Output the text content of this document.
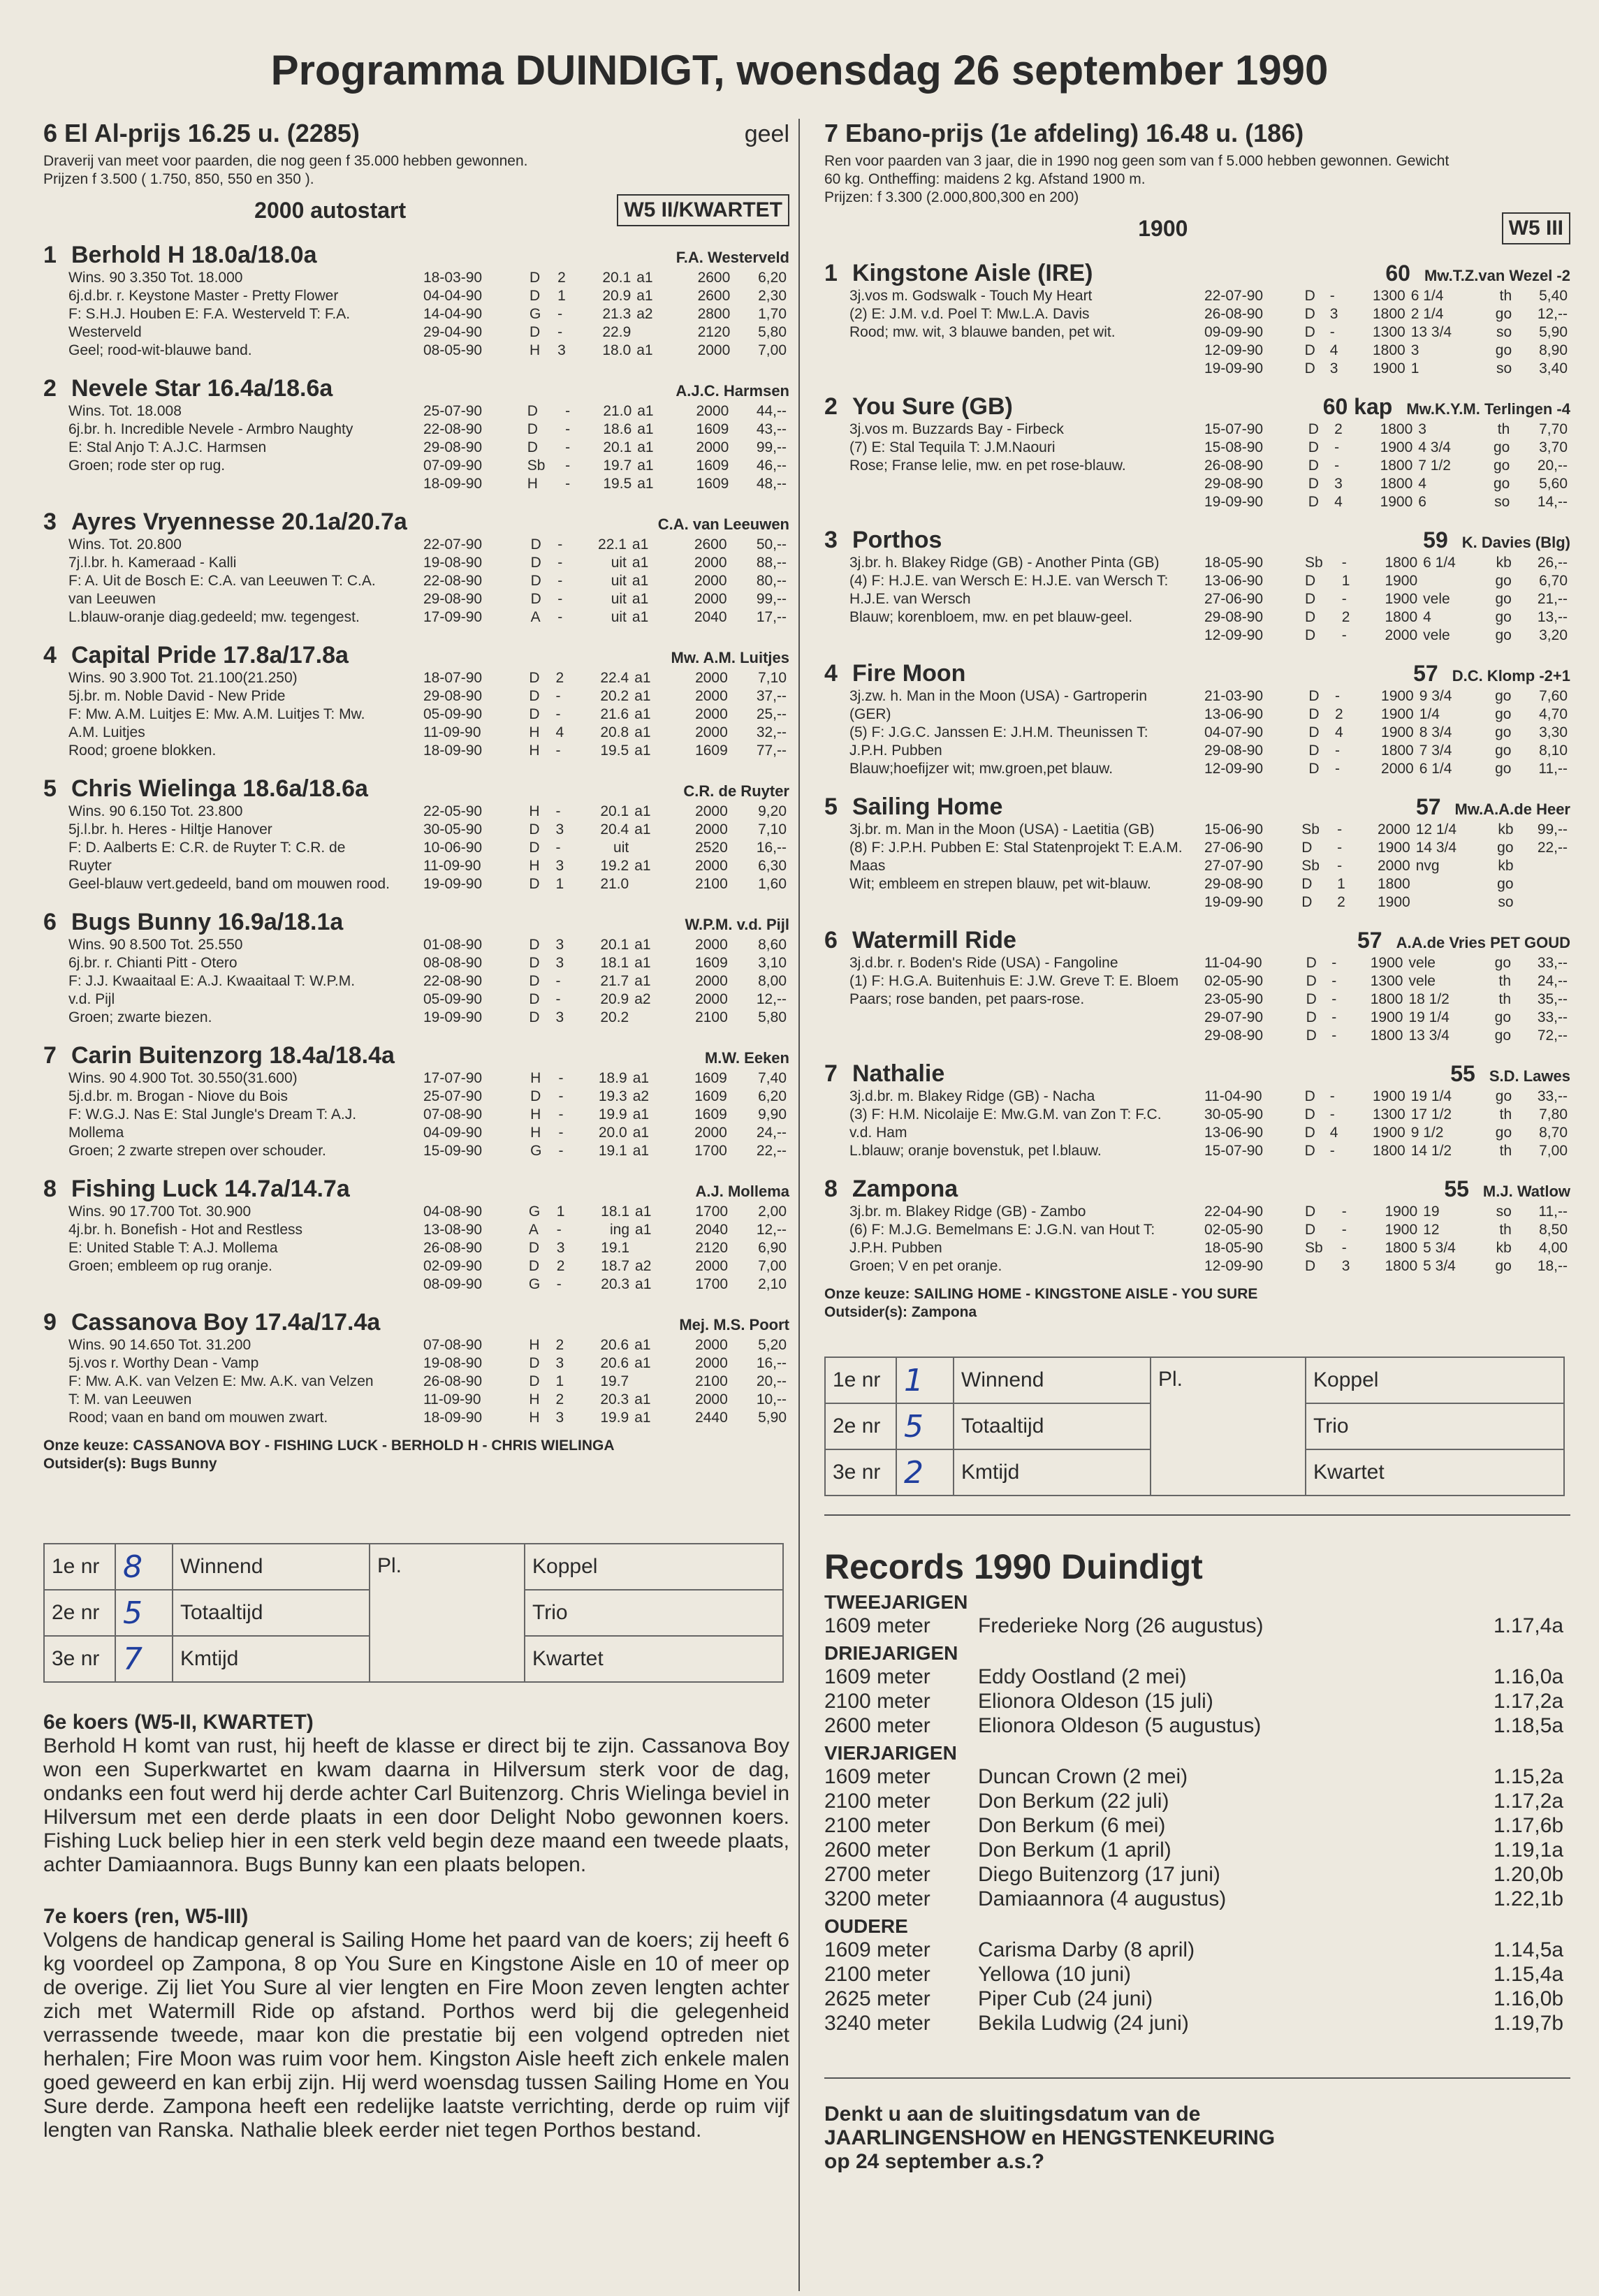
Programma DUINDIGT, woensdag 26 september 1990
6 El Al-prijs 16.25 u. (2285)	geel
Draverij van meet voor paarden, die nog geen f 35.000 hebben gewonnen.
Prijzen f 3.500 ( 1.750, 850, 550 en 350 ).
2000 autostart	W5 II/KWARTET
1 Berhold H 18.0a/18.0a	F.A. Westerveld
Wins. 90 3.350 Tot. 18.000
6j.d.br. r. Keystone Master - Pretty Flower
F: S.H.J. Houben E: F.A. Westerveld T: F.A.
Westerveld
Geel; rood-wit-blauwe band.
18-03-90	D	2	20.1	a1	2600	6,20
04-04-90	D	1	20.9	a1	2600	2,30
14-04-90	G	-	21.3	a2	2800	1,70
29-04-90	D	-	22.9		2120	5,80
08-05-90	H	3	18.0	a1	2000	7,00
2 Nevele Star 16.4a/18.6a	A.J.C. Harmsen
Wins. Tot. 18.008
6j.br. h. Incredible Nevele - Armbro Naughty
E: Stal Anjo T: A.J.C. Harmsen
Groen; rode ster op rug.
25-07-90	D	-	21.0	a1	2000	44,--
22-08-90	D	-	18.6	a1	1609	43,--
29-08-90	D	-	20.1	a1	2000	99,--
07-09-90	Sb	-	19.7	a1	1609	46,--
18-09-90	H	-	19.5	a1	1609	48,--
3 Ayres Vryennesse 20.1a/20.7a	C.A. van Leeuwen
Wins. Tot. 20.800
7j.l.br. h. Kameraad - Kalli
F: A. Uit de Bosch E: C.A. van Leeuwen T: C.A.
van Leeuwen
L.blauw-oranje diag.gedeeld; mw. tegengest.
22-07-90	D	-	22.1	a1	2600	50,--
19-08-90	D	-	uit	a1	2000	88,--
22-08-90	D	-	uit	a1	2000	80,--
29-08-90	D	-	uit	a1	2000	99,--
17-09-90	A	-	uit	a1	2040	17,--
4 Capital Pride 17.8a/17.8a	Mw. A.M. Luitjes
Wins. 90 3.900 Tot. 21.100(21.250)
5j.br. m. Noble David - New Pride
F: Mw. A.M. Luitjes E: Mw. A.M. Luitjes T: Mw.
A.M. Luitjes
Rood; groene blokken.
18-07-90	D	2	22.4	a1	2000	7,10
29-08-90	D	-	20.2	a1	2000	37,--
05-09-90	D	-	21.6	a1	2000	25,--
11-09-90	H	4	20.8	a1	2000	32,--
18-09-90	H	-	19.5	a1	1609	77,--
5 Chris Wielinga 18.6a/18.6a	C.R. de Ruyter
Wins. 90 6.150 Tot. 23.800
5j.l.br. h. Heres - Hiltje Hanover
F: D. Aalberts E: C.R. de Ruyter T: C.R. de
Ruyter
Geel-blauw vert.gedeeld, band om mouwen rood.
22-05-90	H	-	20.1	a1	2000	9,20
30-05-90	D	3	20.4	a1	2000	7,10
10-06-90	D	-	uit		2520	16,--
11-09-90	H	3	19.2	a1	2000	6,30
19-09-90	D	1	21.0		2100	1,60
6 Bugs Bunny 16.9a/18.1a	W.P.M. v.d. Pijl
Wins. 90 8.500 Tot. 25.550
6j.br. r. Chianti Pitt - Otero
F: J.J. Kwaaitaal E: A.J. Kwaaitaal T: W.P.M.
v.d. Pijl
Groen; zwarte biezen.
01-08-90	D	3	20.1	a1	2000	8,60
08-08-90	D	3	18.1	a1	1609	3,10
22-08-90	D	-	21.7	a1	2000	8,00
05-09-90	D	-	20.9	a2	2000	12,--
19-09-90	D	3	20.2		2100	5,80
7 Carin Buitenzorg 18.4a/18.4a	M.W. Eeken
Wins. 90 4.900 Tot. 30.550(31.600)
5j.d.br. m. Brogan - Niove du Bois
F: W.G.J. Nas E: Stal Jungle's Dream T: A.J.
Mollema
Groen; 2 zwarte strepen over schouder.
17-07-90	H	-	18.9	a1	1609	7,40
25-07-90	D	-	19.3	a2	1609	6,20
07-08-90	H	-	19.9	a1	1609	9,90
04-09-90	H	-	20.0	a1	2000	24,--
15-09-90	G	-	19.1	a1	1700	22,--
8 Fishing Luck 14.7a/14.7a	A.J. Mollema
Wins. 90 17.700 Tot. 30.900
4j.br. h. Bonefish - Hot and Restless
E: United Stable T: A.J. Mollema
Groen; embleem op rug oranje.
04-08-90	G	1	18.1	a1	1700	2,00
13-08-90	A	-	ing	a1	2040	12,--
26-08-90	D	3	19.1		2120	6,90
02-09-90	D	2	18.7	a2	2000	7,00
08-09-90	G	-	20.3	a1	1700	2,10
9 Cassanova Boy 17.4a/17.4a	Mej. M.S. Poort
Wins. 90 14.650 Tot. 31.200
5j.vos r. Worthy Dean - Vamp
F: Mw. A.K. van Velzen E: Mw. A.K. van Velzen
T: M. van Leeuwen
Rood; vaan en band om mouwen zwart.
07-08-90	H	2	20.6	a1	2000	5,20
19-08-90	D	3	20.6	a1	2000	16,--
26-08-90	D	1	19.7		2100	20,--
11-09-90	H	2	20.3	a1	2000	10,--
18-09-90	H	3	19.9	a1	2440	5,90
Onze keuze: CASSANOVA BOY - FISHING LUCK - BERHOLD H - CHRIS WIELINGA
Outsider(s): Bugs Bunny
1e nr	8	Winnend	Pl.	Koppel
2e nr	5	Totaaltijd		Trio
3e nr	7	Kmtijd		Kwartet
6e koers (W5-II, KWARTET)
Berhold H komt van rust, hij heeft de klasse er direct bij te zijn. Cassanova Boy won een Superkwartet en kwam daarna in Hilversum sterk voor de dag, ondanks een fout werd hij derde achter Carl Buitenzorg. Chris Wielinga beviel in Hilversum met een derde plaats in een door Delight Nobo gewonnen koers. Fishing Luck beliep hier in een sterk veld begin deze maand een tweede plaats, achter Damiaannora. Bugs Bunny kan een plaats belopen.
7e koers (ren, W5-III)
Volgens de handicap general is Sailing Home het paard van de koers; zij heeft 6 kg voordeel op Zampona, 8 op You Sure en Kingstone Aisle en 10 of meer op de overige. Zij liet You Sure al vier lengten en Fire Moon zeven lengten achter zich met Watermill Ride op afstand. Porthos werd bij die gelegenheid verrassende tweede, maar kon die prestatie bij een volgend optreden niet herhalen; Fire Moon was ruim voor hem. Kingston Aisle heeft zich enkele malen goed geweerd en kan erbij zijn. Hij werd woensdag tussen Sailing Home en You Sure derde. Zampona heeft een redelijke laatste verrichting, derde op ruim vijf lengten van Ranska. Nathalie bleek eerder niet tegen Porthos bestand.
7 Ebano-prijs (1e afdeling) 16.48 u. (186)
Ren voor paarden van 3 jaar, die in 1990 nog geen som van f 5.000 hebben gewonnen. Gewicht
60 kg. Ontheffing: maidens 2 kg. Afstand 1900 m.
Prijzen: f 3.300 (2.000,800,300 en 200)
1900	W5 III
1 Kingstone Aisle (IRE)	60 Mw.T.Z.van Wezel -2
3j.vos m. Godswalk - Touch My Heart
(2) E: J.M. v.d. Poel T: Mw.L.A. Davis
Rood; mw. wit, 3 blauwe banden, pet wit.
22-07-90	D	-	1300	6 1/4	th	5,40
26-08-90	D	3	1800	2 1/4	go	12,--
09-09-90	D	-	1300	13 3/4	so	5,90
12-09-90	D	4	1800	3	go	8,90
19-09-90	D	3	1900	1	so	3,40
2 You Sure (GB)	60 kap Mw.K.Y.M. Terlingen -4
3j.vos m. Buzzards Bay - Firbeck
(7) E: Stal Tequila T: J.M.Naouri
Rose; Franse lelie, mw. en pet rose-blauw.
15-07-90	D	2	1800	3	th	7,70
15-08-90	D	-	1900	4 3/4	go	3,70
26-08-90	D	-	1800	7 1/2	go	20,--
29-08-90	D	3	1800	4	go	5,60
19-09-90	D	4	1900	6	so	14,--
3 Porthos	59 K. Davies (Blg)
3j.br. h. Blakey Ridge (GB) - Another Pinta (GB)
(4) F: H.J.E. van Wersch E: H.J.E. van Wersch T:
H.J.E. van Wersch
Blauw; korenbloem, mw. en pet blauw-geel.
18-05-90	Sb	-	1800	6 1/4	kb	26,--
13-06-90	D	1	1900		go	6,70
27-06-90	D	-	1900	vele	go	21,--
29-08-90	D	2	1800	4	go	13,--
12-09-90	D	-	2000	vele	go	3,20
4 Fire Moon	57 D.C. Klomp -2+1
3j.zw. h. Man in the Moon (USA) - Gartroperin
(GER)
(5) F: J.G.C. Janssen E: J.H.M. Theunissen T:
J.P.H. Pubben
Blauw;hoefijzer wit; mw.groen,pet blauw.
21-03-90	D	-	1900	9 3/4	go	7,60
13-06-90	D	2	1900	1/4	go	4,70
04-07-90	D	4	1900	8 3/4	go	3,30
29-08-90	D	-	1800	7 3/4	go	8,10
12-09-90	D	-	2000	6 1/4	go	11,--
5 Sailing Home	57 Mw.A.A.de Heer
3j.br. m. Man in the Moon (USA) - Laetitia (GB)
(8) F: J.P.H. Pubben E: Stal Statenprojekt T: E.A.M.
Maas
Wit; embleem en strepen blauw, pet wit-blauw.
15-06-90	Sb	-	2000	12 1/4	kb	99,--
27-06-90	D	-	1900	14 3/4	go	22,--
27-07-90	Sb	-	2000	nvg	kb	
29-08-90	D	1	1800		go	
19-09-90	D	2	1900		so	
6 Watermill Ride	57 A.A.de Vries PET GOUD
3j.d.br. r. Boden's Ride (USA) - Fangoline
(1) F: H.G.A. Buitenhuis E: J.W. Greve T: E. Bloem
Paars; rose banden, pet paars-rose.
11-04-90	D	-	1900	vele	go	33,--
02-05-90	D	-	1300	vele	th	24,--
23-05-90	D	-	1800	18 1/2	th	35,--
29-07-90	D	-	1900	19 1/4	go	33,--
29-08-90	D	-	1800	13 3/4	go	72,--
7 Nathalie	55 S.D. Lawes
3j.d.br. m. Blakey Ridge (GB) - Nacha
(3) F: H.M. Nicolaije E: Mw.G.M. van Zon T: F.C.
v.d. Ham
L.blauw; oranje bovenstuk, pet l.blauw.
11-04-90	D	-	1900	19 1/4	go	33,--
30-05-90	D	-	1300	17 1/2	th	7,80
13-06-90	D	4	1900	9 1/2	go	8,70
15-07-90	D	-	1800	14 1/2	th	7,00
8 Zampona	55 M.J. Watlow
3j.br. m. Blakey Ridge (GB) - Zambo
(6) F: M.J.G. Bemelmans E: J.G.N. van Hout T:
J.P.H. Pubben
Groen; V en pet oranje.
22-04-90	D	-	1900	19	so	11,--
02-05-90	D	-	1900	12	th	8,50
18-05-90	Sb	-	1800	5 3/4	kb	4,00
12-09-90	D	3	1800	5 3/4	go	18,--
Onze keuze: SAILING HOME - KINGSTONE AISLE - YOU SURE
Outsider(s): Zampona
1e nr	1	Winnend	Pl.	Koppel
2e nr	5	Totaaltijd		Trio
3e nr	2	Kmtijd		Kwartet
Records 1990 Duindigt
TWEEJARIGEN
1609 meter	Frederieke Norg (26 augustus)	1.17,4a
DRIEJARIGEN
1609 meter	Eddy Oostland (2 mei)	1.16,0a
2100 meter	Elionora Oldeson (15 juli)	1.17,2a
2600 meter	Elionora Oldeson (5 augustus)	1.18,5a
VIERJARIGEN
1609 meter	Duncan Crown (2 mei)	1.15,2a
2100 meter	Don Berkum (22 juli)	1.17,2a
2100 meter	Don Berkum (6 mei)	1.17,6b
2600 meter	Don Berkum (1 april)	1.19,1a
2700 meter	Diego Buitenzorg (17 juni)	1.20,0b
3200 meter	Damiaannora (4 augustus)	1.22,1b
OUDERE
1609 meter	Carisma Darby (8 april)	1.14,5a
2100 meter	Yellowa (10 juni)	1.15,4a
2625 meter	Piper Cub (24 juni)	1.16,0b
3240 meter	Bekila Ludwig (24 juni)	1.19,7b
Denkt u aan de sluitingsdatum van de
JAARLINGENSHOW en HENGSTENKEURING
op 24 september a.s.?
